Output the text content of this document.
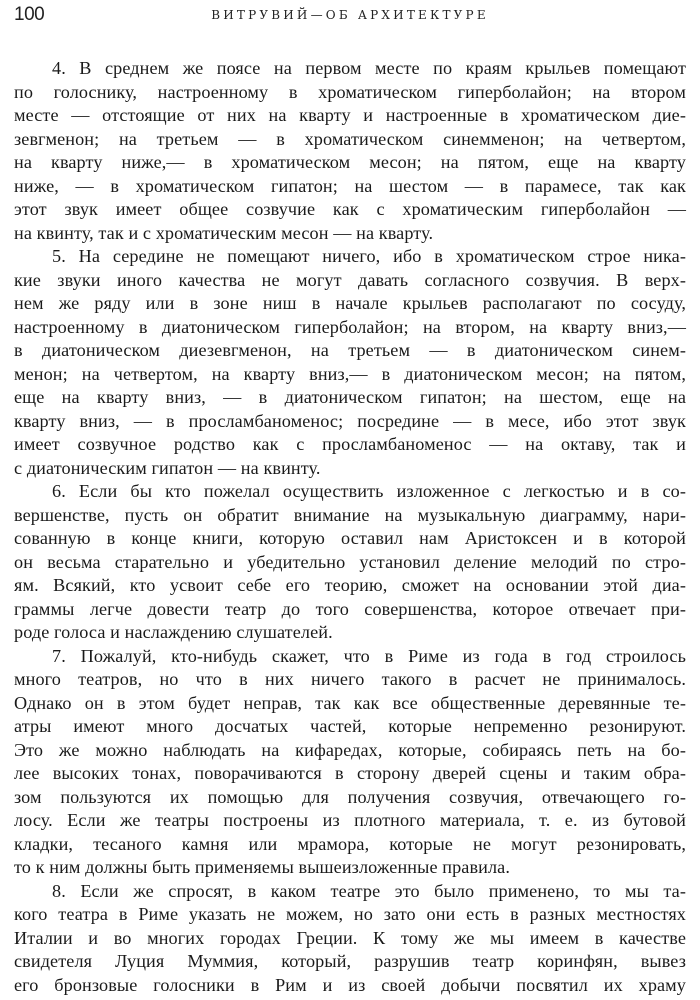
100	ВИТРУВИЙ—ОБ АРХИТЕКТУРЕ
4. В среднем же поясе на первом месте по краям крыльев помещают
по голоснику, настроенному в хроматическом гиперболайон; на втором
месте — отстоящие от них на кварту и настроенные в хроматическом дие-
зевгменон; на третьем — в хроматическом синемменон; на четвертом,
на кварту ниже,— в хроматическом месон; на пятом, еще на кварту
ниже, — в хроматическом гипатон; на шестом — в парамесе, так как
этот звук имеет общее созвучие как с хроматическим гиперболайон —
на квинту, так и с хроматическим месон — на кварту.
5. На середине не помещают ничего, ибо в хроматическом строе ника-
кие звуки иного качества не могут давать согласного созвучия. В верх-
нем же ряду или в зоне ниш в начале крыльев располагают по сосуду,
настроенному в диатоническом гиперболайон; на втором, на кварту вниз,—
в диатоническом диезевгменон, на третьем — в диатоническом синем-
менон; на четвертом, на кварту вниз,— в диатоническом месон; на пятом,
еще на кварту вниз, — в диатоническом гипатон; на шестом, еще на
кварту вниз, — в просламбаноменос; посредине — в месе, ибо этот звук
имеет созвучное родство как с просламбаноменос — на октаву, так и
с диатоническим гипатон — на квинту.
6. Если бы кто пожелал осуществить изложенное с легкостью и в со-
вершенстве, пусть он обратит внимание на музыкальную диаграмму, нари-
сованную в конце книги, которую оставил нам Аристоксен и в которой
он весьма старательно и убедительно установил деление мелодий по стро-
ям. Всякий, кто усвоит себе его теорию, сможет на основании этой диа-
граммы легче довести театр до того совершенства, которое отвечает при-
роде голоса и наслаждению слушателей.
7. Пожалуй, кто-нибудь скажет, что в Риме из года в год строилось
много театров, но что в них ничего такого в расчет не принималось.
Однако он в этом будет неправ, так как все общественные деревянные те-
атры имеют много досчатых частей, которые непременно резонируют.
Это же можно наблюдать на кифаредах, которые, собираясь петь на бо-
лее высоких тонах, поворачиваются в сторону дверей сцены и таким обра-
зом пользуются их помощью для получения созвучия, отвечающего го-
лосу. Если же театры построены из плотного материала, т. е. из бутовой
кладки, тесаного камня или мрамора, которые не могут резонировать,
то к ним должны быть применяемы вышеизложенные правила.
8. Если же спросят, в каком театре это было применено, то мы та-
кого театра в Риме указать не можем, но зато они есть в разных местностях
Италии и во многих городах Греции. К тому же мы имеем в качестве
свидетеля Луция Муммия, который, разрушив театр коринфян, вывез
его бронзовые голосники в Рим и из своей добычи посвятил их храму
